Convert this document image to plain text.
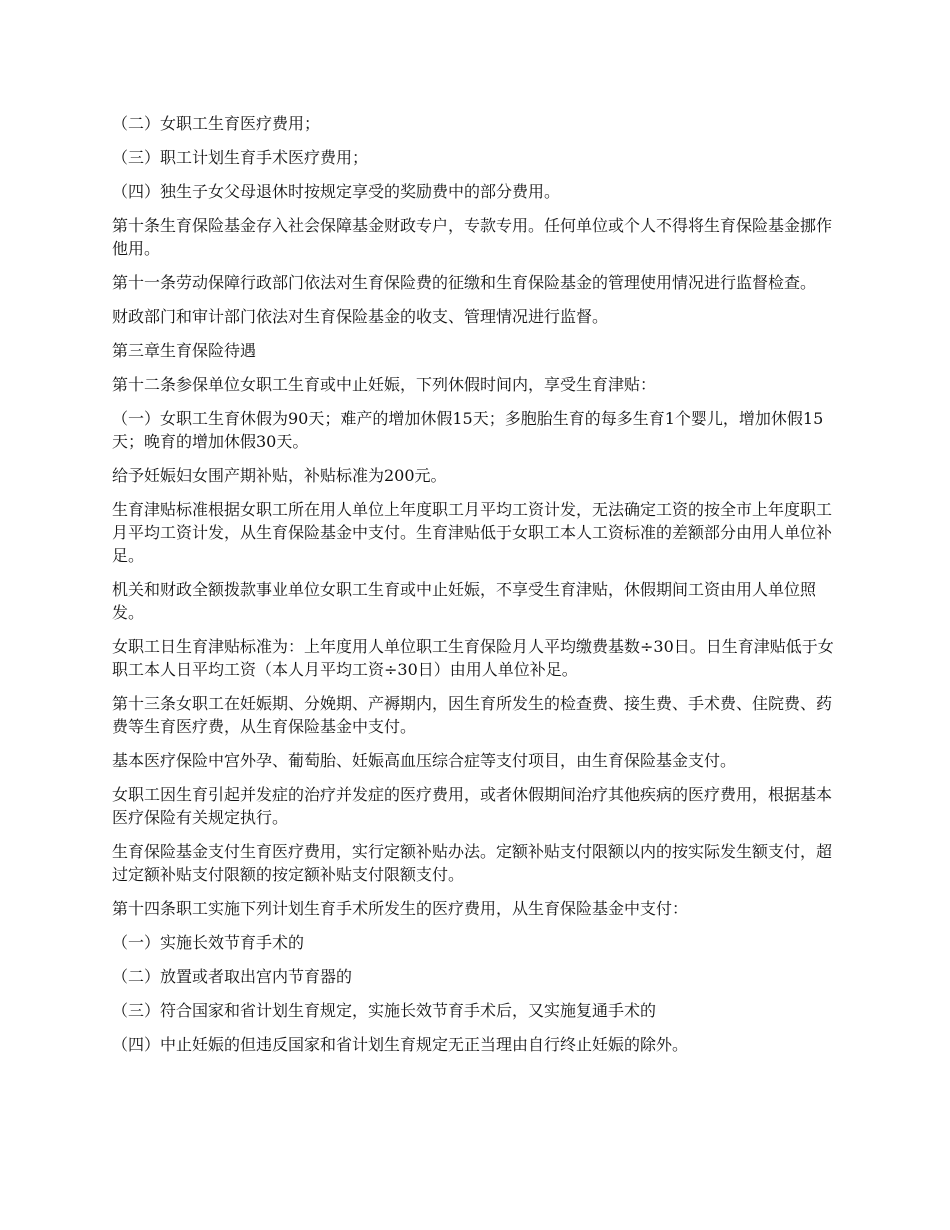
（二）女职工生育医疗费用；

（三）职工计划生育手术医疗费用；

（四）独生子女父母退休时按规定享受的奖励费中的部分费用。

第十条生育保险基金存入社会保障基金财政专户，专款专用。任何单位或个人不得将生育保险基金挪作他用。

第十一条劳动保障行政部门依法对生育保险费的征缴和生育保险基金的管理使用情况进行监督检查。

财政部门和审计部门依法对生育保险基金的收支、管理情况进行监督。

第三章生育保险待遇

第十二条参保单位女职工生育或中止妊娠，下列休假时间内，享受生育津贴：

（一）女职工生育休假为90天；难产的增加休假15天；多胞胎生育的每多生育1个婴儿，增加休假15天；晚育的增加休假30天。

给予妊娠妇女围产期补贴，补贴标准为200元。

生育津贴标准根据女职工所在用人单位上年度职工月平均工资计发，无法确定工资的按全市上年度职工月平均工资计发，从生育保险基金中支付。生育津贴低于女职工本人工资标准的差额部分由用人单位补足。

机关和财政全额拨款事业单位女职工生育或中止妊娠，不享受生育津贴，休假期间工资由用人单位照发。

女职工日生育津贴标准为：上年度用人单位职工生育保险月人平均缴费基数÷30日。日生育津贴低于女职工本人日平均工资（本人月平均工资÷30日）由用人单位补足。

第十三条女职工在妊娠期、分娩期、产褥期内，因生育所发生的检查费、接生费、手术费、住院费、药费等生育医疗费，从生育保险基金中支付。

基本医疗保险中宫外孕、葡萄胎、妊娠高血压综合症等支付项目，由生育保险基金支付。

女职工因生育引起并发症的治疗并发症的医疗费用，或者休假期间治疗其他疾病的医疗费用，根据基本医疗保险有关规定执行。

生育保险基金支付生育医疗费用，实行定额补贴办法。定额补贴支付限额以内的按实际发生额支付，超过定额补贴支付限额的按定额补贴支付限额支付。

第十四条职工实施下列计划生育手术所发生的医疗费用，从生育保险基金中支付：

（一）实施长效节育手术的

（二）放置或者取出宫内节育器的

（三）符合国家和省计划生育规定，实施长效节育手术后，又实施复通手术的

（四）中止妊娠的但违反国家和省计划生育规定无正当理由自行终止妊娠的除外。
